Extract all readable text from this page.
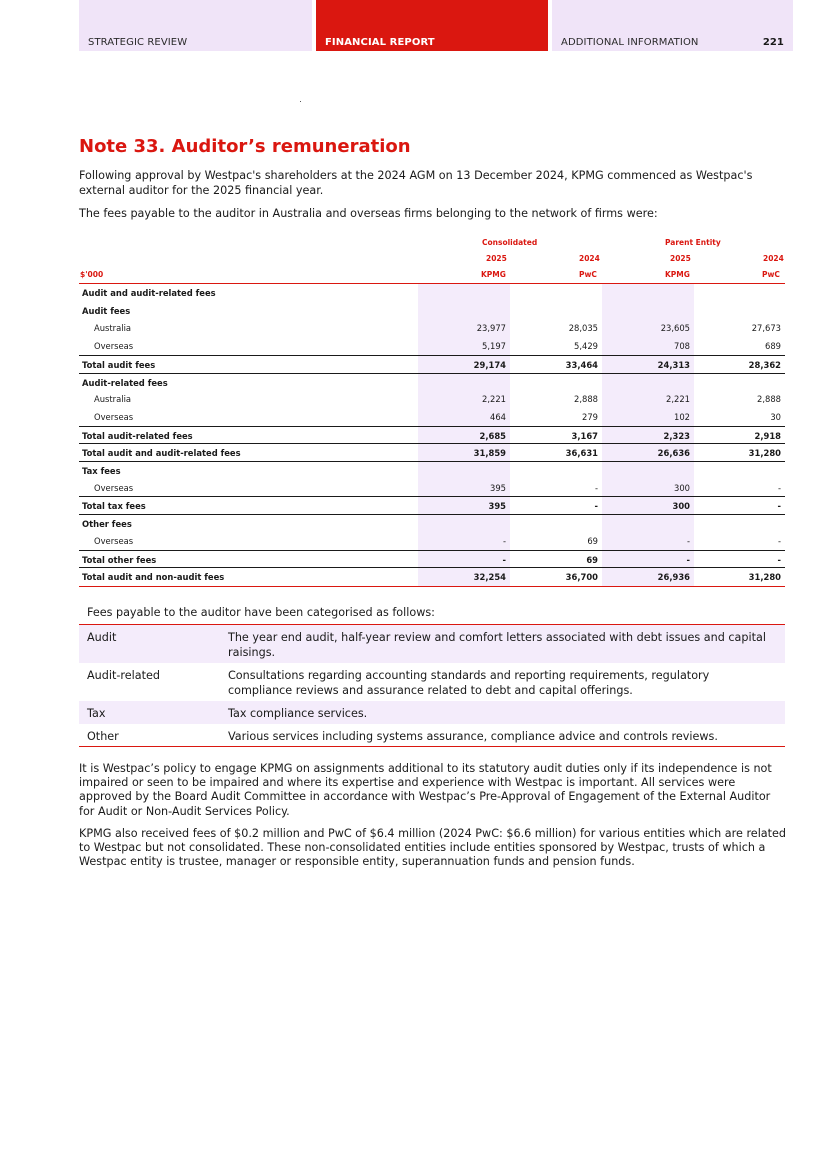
STRATEGIC REVIEW	FINANCIAL REPORT	ADDITIONAL INFORMATION	221
Note 33. Auditor’s remuneration
Following approval by Westpac's shareholders at the 2024 AGM on 13 December 2024, KPMG commenced as Westpac's external auditor for the 2025 financial year.
The fees payable to the auditor in Australia and overseas firms belonging to the network of firms were:
Consolidated	Parent Entity
2025	2024	2025	2024
$'000	KPMG	PwC	KPMG	PwC
Audit and audit-related fees
Audit fees
Australia	23,977	28,035	23,605	27,673
Overseas	5,197	5,429	708	689
Total audit fees	29,174	33,464	24,313	28,362
Audit-related fees
Australia	2,221	2,888	2,221	2,888
Overseas	464	279	102	30
Total audit-related fees	2,685	3,167	2,323	2,918
Total audit and audit-related fees	31,859	36,631	26,636	31,280
Tax fees
Overseas	395	-	300	-
Total tax fees	395	-	300	-
Other fees
Overseas	-	69	-	-
Total other fees	-	69	-	-
Total audit and non-audit fees	32,254	36,700	26,936	31,280
Fees payable to the auditor have been categorised as follows:
Audit	The year end audit, half-year review and comfort letters associated with debt issues and capital raisings.
Audit-related	Consultations regarding accounting standards and reporting requirements, regulatory compliance reviews and assurance related to debt and capital offerings.
Tax	Tax compliance services.
Other	Various services including systems assurance, compliance advice and controls reviews.
It is Westpac’s policy to engage KPMG on assignments additional to its statutory audit duties only if its independence is not impaired or seen to be impaired and where its expertise and experience with Westpac is important. All services were approved by the Board Audit Committee in accordance with Westpac’s Pre-Approval of Engagement of the External Auditor for Audit or Non-Audit Services Policy.
KPMG also received fees of $0.2 million and PwC of $6.4 million (2024 PwC: $6.6 million) for various entities which are related to Westpac but not consolidated. These non-consolidated entities include entities sponsored by Westpac, trusts of which a Westpac entity is trustee, manager or responsible entity, superannuation funds and pension funds.
